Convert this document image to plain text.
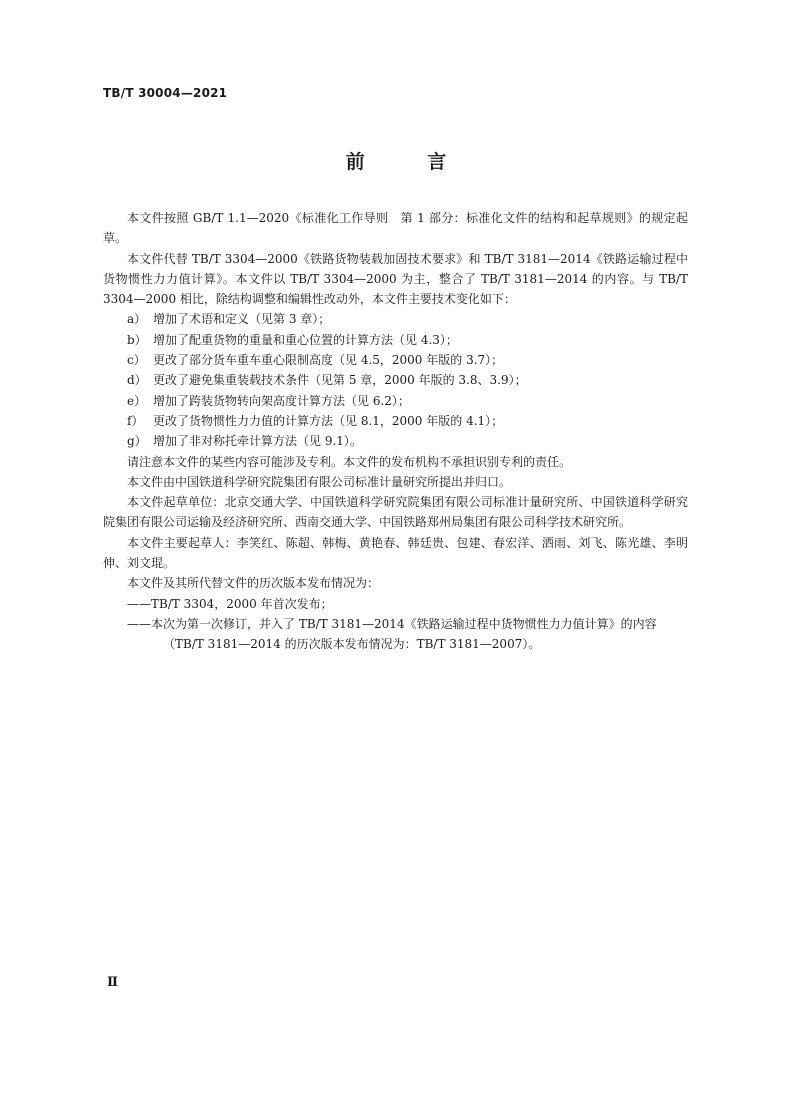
TB/T 30004—2021
前 言

本文件按照 GB/T 1.1—2020《标准化工作导则　第 1 部分：标准化文件的结构和起草规则》的规定起草。

本文件代替 TB/T 3304—2000《铁路货物装载加固技术要求》和 TB/T 3181—2014《铁路运输过程中货物惯性力力值计算》。本文件以 TB/T 3304—2000 为主，整合了 TB/T 3181—2014 的内容。与 TB/T 3304—2000 相比，除结构调整和编辑性改动外，本文件主要技术变化如下：

a） 增加了术语和定义（见第 3 章）；

b） 增加了配重货物的重量和重心位置的计算方法（见 4.3）；

c） 更改了部分货车重车重心限制高度（见 4.5，2000 年版的 3.7）；

d） 更改了避免集重装载技术条件（见第 5 章，2000 年版的 3.8、3.9）；

e） 增加了跨装货物转向架高度计算方法（见 6.2）；

f） 更改了货物惯性力力值的计算方法（见 8.1，2000 年版的 4.1）；

g） 增加了非对称托牵计算方法（见 9.1）。

请注意本文件的某些内容可能涉及专利。本文件的发布机构不承担识别专利的责任。

本文件由中国铁道科学研究院集团有限公司标准计量研究所提出并归口。

本文件起草单位：北京交通大学、中国铁道科学研究院集团有限公司标准计量研究所、中国铁道科学研究院集团有限公司运输及经济研究所、西南交通大学、中国铁路郑州局集团有限公司科学技术研究所。

本文件主要起草人：李笑红、陈超、韩梅、黄艳春、韩廷贵、包建、春宏洋、洒雨、刘飞、陈光雄、李明伸、刘文琨。

本文件及其所代替文件的历次版本发布情况为：

——TB/T 3304，2000 年首次发布；

——本次为第一次修订，并入了 TB/T 3181—2014《铁路运输过程中货物惯性力力值计算》的内容（TB/T 3181—2014 的历次版本发布情况为：TB/T 3181—2007）。

Ⅱ
